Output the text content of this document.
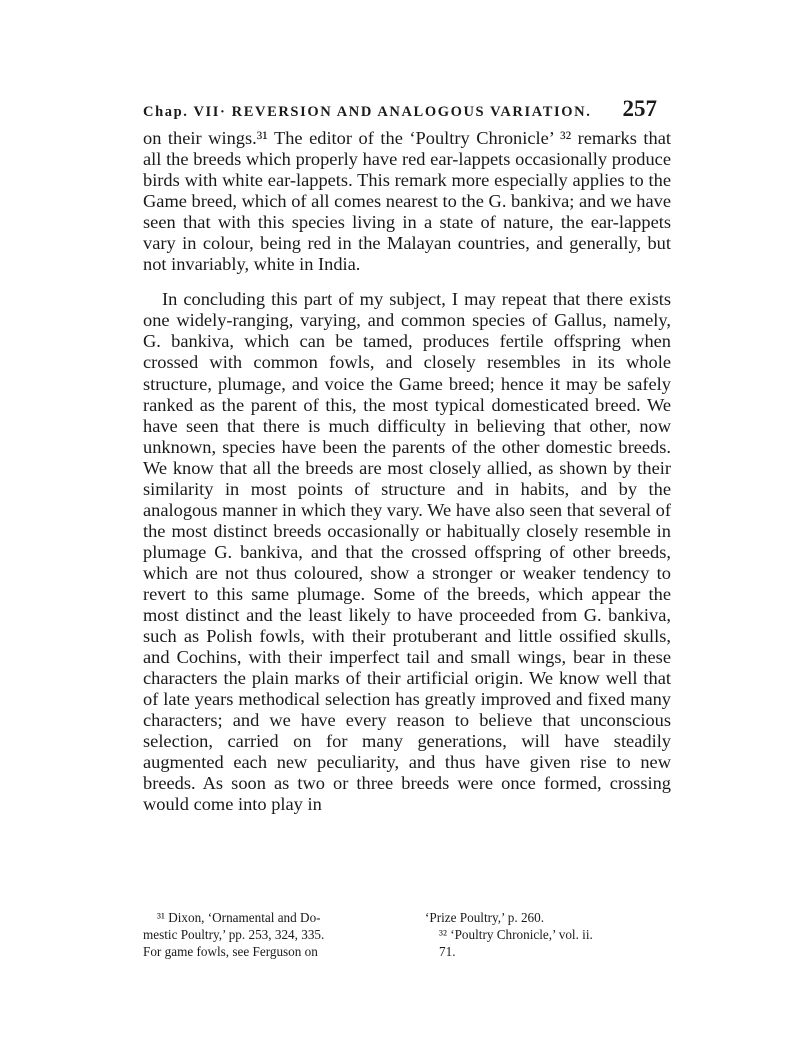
Chap. VII· REVERSION AND ANALOGOUS VARIATION. 257

on their wings.³¹ The editor of the ‘Poultry Chronicle’ ³² remarks that all the breeds which properly have red ear-lappets occasionally produce birds with white ear-lappets. This remark more especially applies to the Game breed, which of all comes nearest to the G. bankiva; and we have seen that with this species living in a state of nature, the ear-lappets vary in colour, being red in the Malayan countries, and generally, but not invariably, white in India.

In concluding this part of my subject, I may repeat that there exists one widely-ranging, varying, and common species of Gallus, namely, G. bankiva, which can be tamed, produces fertile offspring when crossed with common fowls, and closely resembles in its whole structure, plumage, and voice the Game breed; hence it may be safely ranked as the parent of this, the most typical domesticated breed. We have seen that there is much difficulty in believing that other, now unknown, species have been the parents of the other domestic breeds. We know that all the breeds are most closely allied, as shown by their similarity in most points of structure and in habits, and by the analogous manner in which they vary. We have also seen that several of the most distinct breeds occasionally or habitually closely resemble in plumage G. bankiva, and that the crossed offspring of other breeds, which are not thus coloured, show a stronger or weaker tendency to revert to this same plumage. Some of the breeds, which appear the most distinct and the least likely to have proceeded from G. bankiva, such as Polish fowls, with their protuberant and little ossified skulls, and Cochins, with their imperfect tail and small wings, bear in these characters the plain marks of their artificial origin. We know well that of late years methodical selection has greatly improved and fixed many characters; and we have every reason to believe that unconscious selection, carried on for many generations, will have steadily augmented each new peculiarity, and thus have given rise to new breeds. As soon as two or three breeds were once formed, crossing would come into play in

³¹ Dixon, ‘Ornamental and Do-

mestic Poultry,’ pp. 253, 324, 335.

For game fowls, see Ferguson on

‘Prize Poultry,’ p. 260.

³² ‘Poultry Chronicle,’ vol. ii.

71.
